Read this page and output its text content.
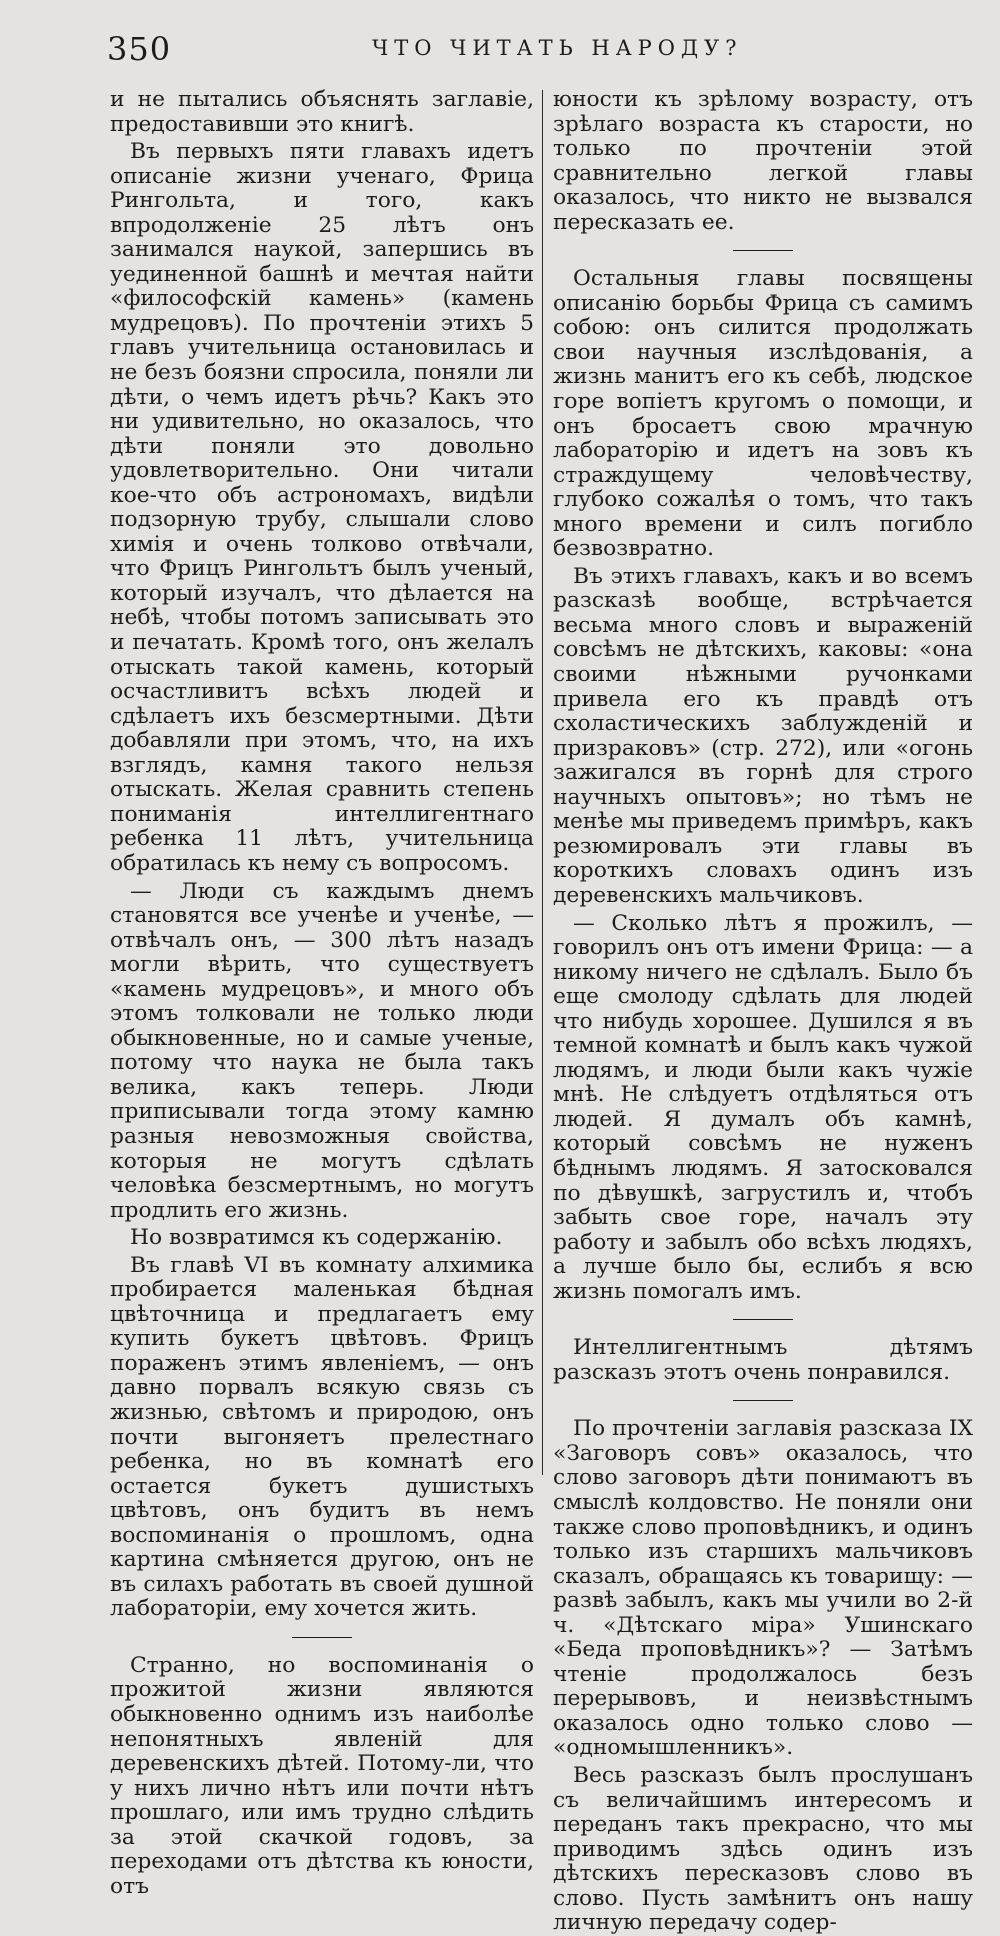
350	ЧТО ЧИТАТЬ НАРОДУ?

и не пытались объяснять заглавіе, предоставивши это книгѣ.

Въ первыхъ пяти главахъ идетъ описаніе жизни ученаго, Фрица Рингольта, и того, какъ впродолженіе 25 лѣтъ онъ занимался наукой, запершись въ уединенной башнѣ и мечтая найти «философскій камень» (камень мудрецовъ). По прочтеніи этихъ 5 главъ учительница остановилась и не безъ боязни спросила, поняли ли дѣти, о чемъ идетъ рѣчь? Какъ это ни удивительно, но оказалось, что дѣти поняли это довольно удовлетворительно. Они читали кое-что объ астрономахъ, видѣли подзорную трубу, слышали слово химія и очень толково отвѣчали, что Фрицъ Рингольтъ былъ ученый, который изучалъ, что дѣлается на небѣ, чтобы потомъ записывать это и печатать. Кромѣ того, онъ желалъ отыскать такой камень, который осчастливитъ всѣхъ людей и сдѣлаетъ ихъ безсмертными. Дѣти добавляли при этомъ, что, на ихъ взглядъ, камня такого нельзя отыскать. Желая сравнить степень пониманія интеллигентнаго ребенка 11 лѣтъ, учительница обратилась къ нему съ вопросомъ.

— Люди съ каждымъ днемъ становятся все ученѣе и ученѣе, — отвѣчалъ онъ, — 300 лѣтъ назадъ могли вѣрить, что существуетъ «камень мудрецовъ», и много объ этомъ толковали не только люди обыкновенные, но и самые ученые, потому что наука не была такъ велика, какъ теперь. Люди приписывали тогда этому камню разныя невозможныя свойства, которыя не могутъ сдѣлать человѣка безсмертнымъ, но могутъ продлить его жизнь.

Но возвратимся къ содержанію.

Въ главѣ VI въ комнату алхимика пробирается маленькая бѣдная цвѣточница и предлагаетъ ему купить букетъ цвѣтовъ. Фрицъ пораженъ этимъ явленіемъ, — онъ давно порвалъ всякую связь съ жизнью, свѣтомъ и природою, онъ почти выгоняетъ прелестнаго ребенка, но въ комнатѣ его остается букетъ душистыхъ цвѣтовъ, онъ будитъ въ немъ воспоминанія о прошломъ, одна картина смѣняется другою, онъ не въ силахъ работать въ своей душной лабораторіи, ему хочется жить.

Странно, но воспоминанія о прожитой жизни являются обыкновенно однимъ изъ наиболѣе непонятныхъ явленій для деревенскихъ дѣтей. Потому-ли, что у нихъ лично нѣтъ или почти нѣтъ прошлаго, или имъ трудно слѣдить за этой скачкой годовъ, за переходами отъ дѣтства къ юности, отъ

юности къ зрѣлому возрасту, отъ зрѣлаго возраста къ старости, но только по прочтеніи этой сравнительно легкой главы оказалось, что никто не вызвался пересказать ее.

Остальныя главы посвящены описанію борьбы Фрица съ самимъ собою: онъ силится продолжать свои научныя изслѣдованія, а жизнь манитъ его къ себѣ, людское горе вопіетъ кругомъ о помощи, и онъ бросаетъ свою мрачную лабораторію и идетъ на зовъ къ страждущему человѣчеству, глубоко сожалѣя о томъ, что такъ много времени и силъ погибло безвозвратно.

Въ этихъ главахъ, какъ и во всемъ разсказѣ вообще, встрѣчается весьма много словъ и выраженій совсѣмъ не дѣтскихъ, каковы: «она своими нѣжными ручонками привела его къ правдѣ отъ схоластическихъ заблужденій и призраковъ» (стр. 272), или «огонь зажигался въ горнѣ для строго научныхъ опытовъ»; но тѣмъ не менѣе мы приведемъ примѣръ, какъ резюмировалъ эти главы въ короткихъ словахъ одинъ изъ деревенскихъ мальчиковъ.

— Сколько лѣтъ я прожилъ, — говорилъ онъ отъ имени Фрица: — а никому ничего не сдѣлалъ. Было бъ еще смолоду сдѣлать для людей что нибудь хорошее. Душился я въ темной комнатѣ и былъ какъ чужой людямъ, и люди были какъ чужіе мнѣ. Не слѣдуетъ отдѣляться отъ людей. Я думалъ объ камнѣ, который совсѣмъ не нуженъ бѣднымъ людямъ. Я затосковался по дѣвушкѣ, загрустилъ и, чтобъ забыть свое горе, началъ эту работу и забылъ обо всѣхъ людяхъ, а лучше было бы, еслибъ я всю жизнь помогалъ имъ.

Интеллигентнымъ дѣтямъ разсказъ этотъ очень понравился.

По прочтеніи заглавія разсказа IX «Заговоръ совъ» оказалось, что слово заговоръ дѣти понимаютъ въ смыслѣ колдовство. Не поняли они также слово проповѣдникъ, и одинъ только изъ старшихъ мальчиковъ сказалъ, обращаясь къ товарищу: — развѣ забылъ, какъ мы учили во 2-й ч. «Дѣтскаго міра» Ушинскаго «Беда проповѣдникъ»? — Затѣмъ чтеніе продолжалось безъ перерывовъ, и неизвѣстнымъ оказалось одно только слово — «одномышленникъ».

Весь разсказъ былъ прослушанъ съ величайшимъ интересомъ и переданъ такъ прекрасно, что мы приводимъ здѣсь одинъ изъ дѣтскихъ пересказовъ слово въ слово. Пусть замѣнитъ онъ нашу личную передачу содер-
